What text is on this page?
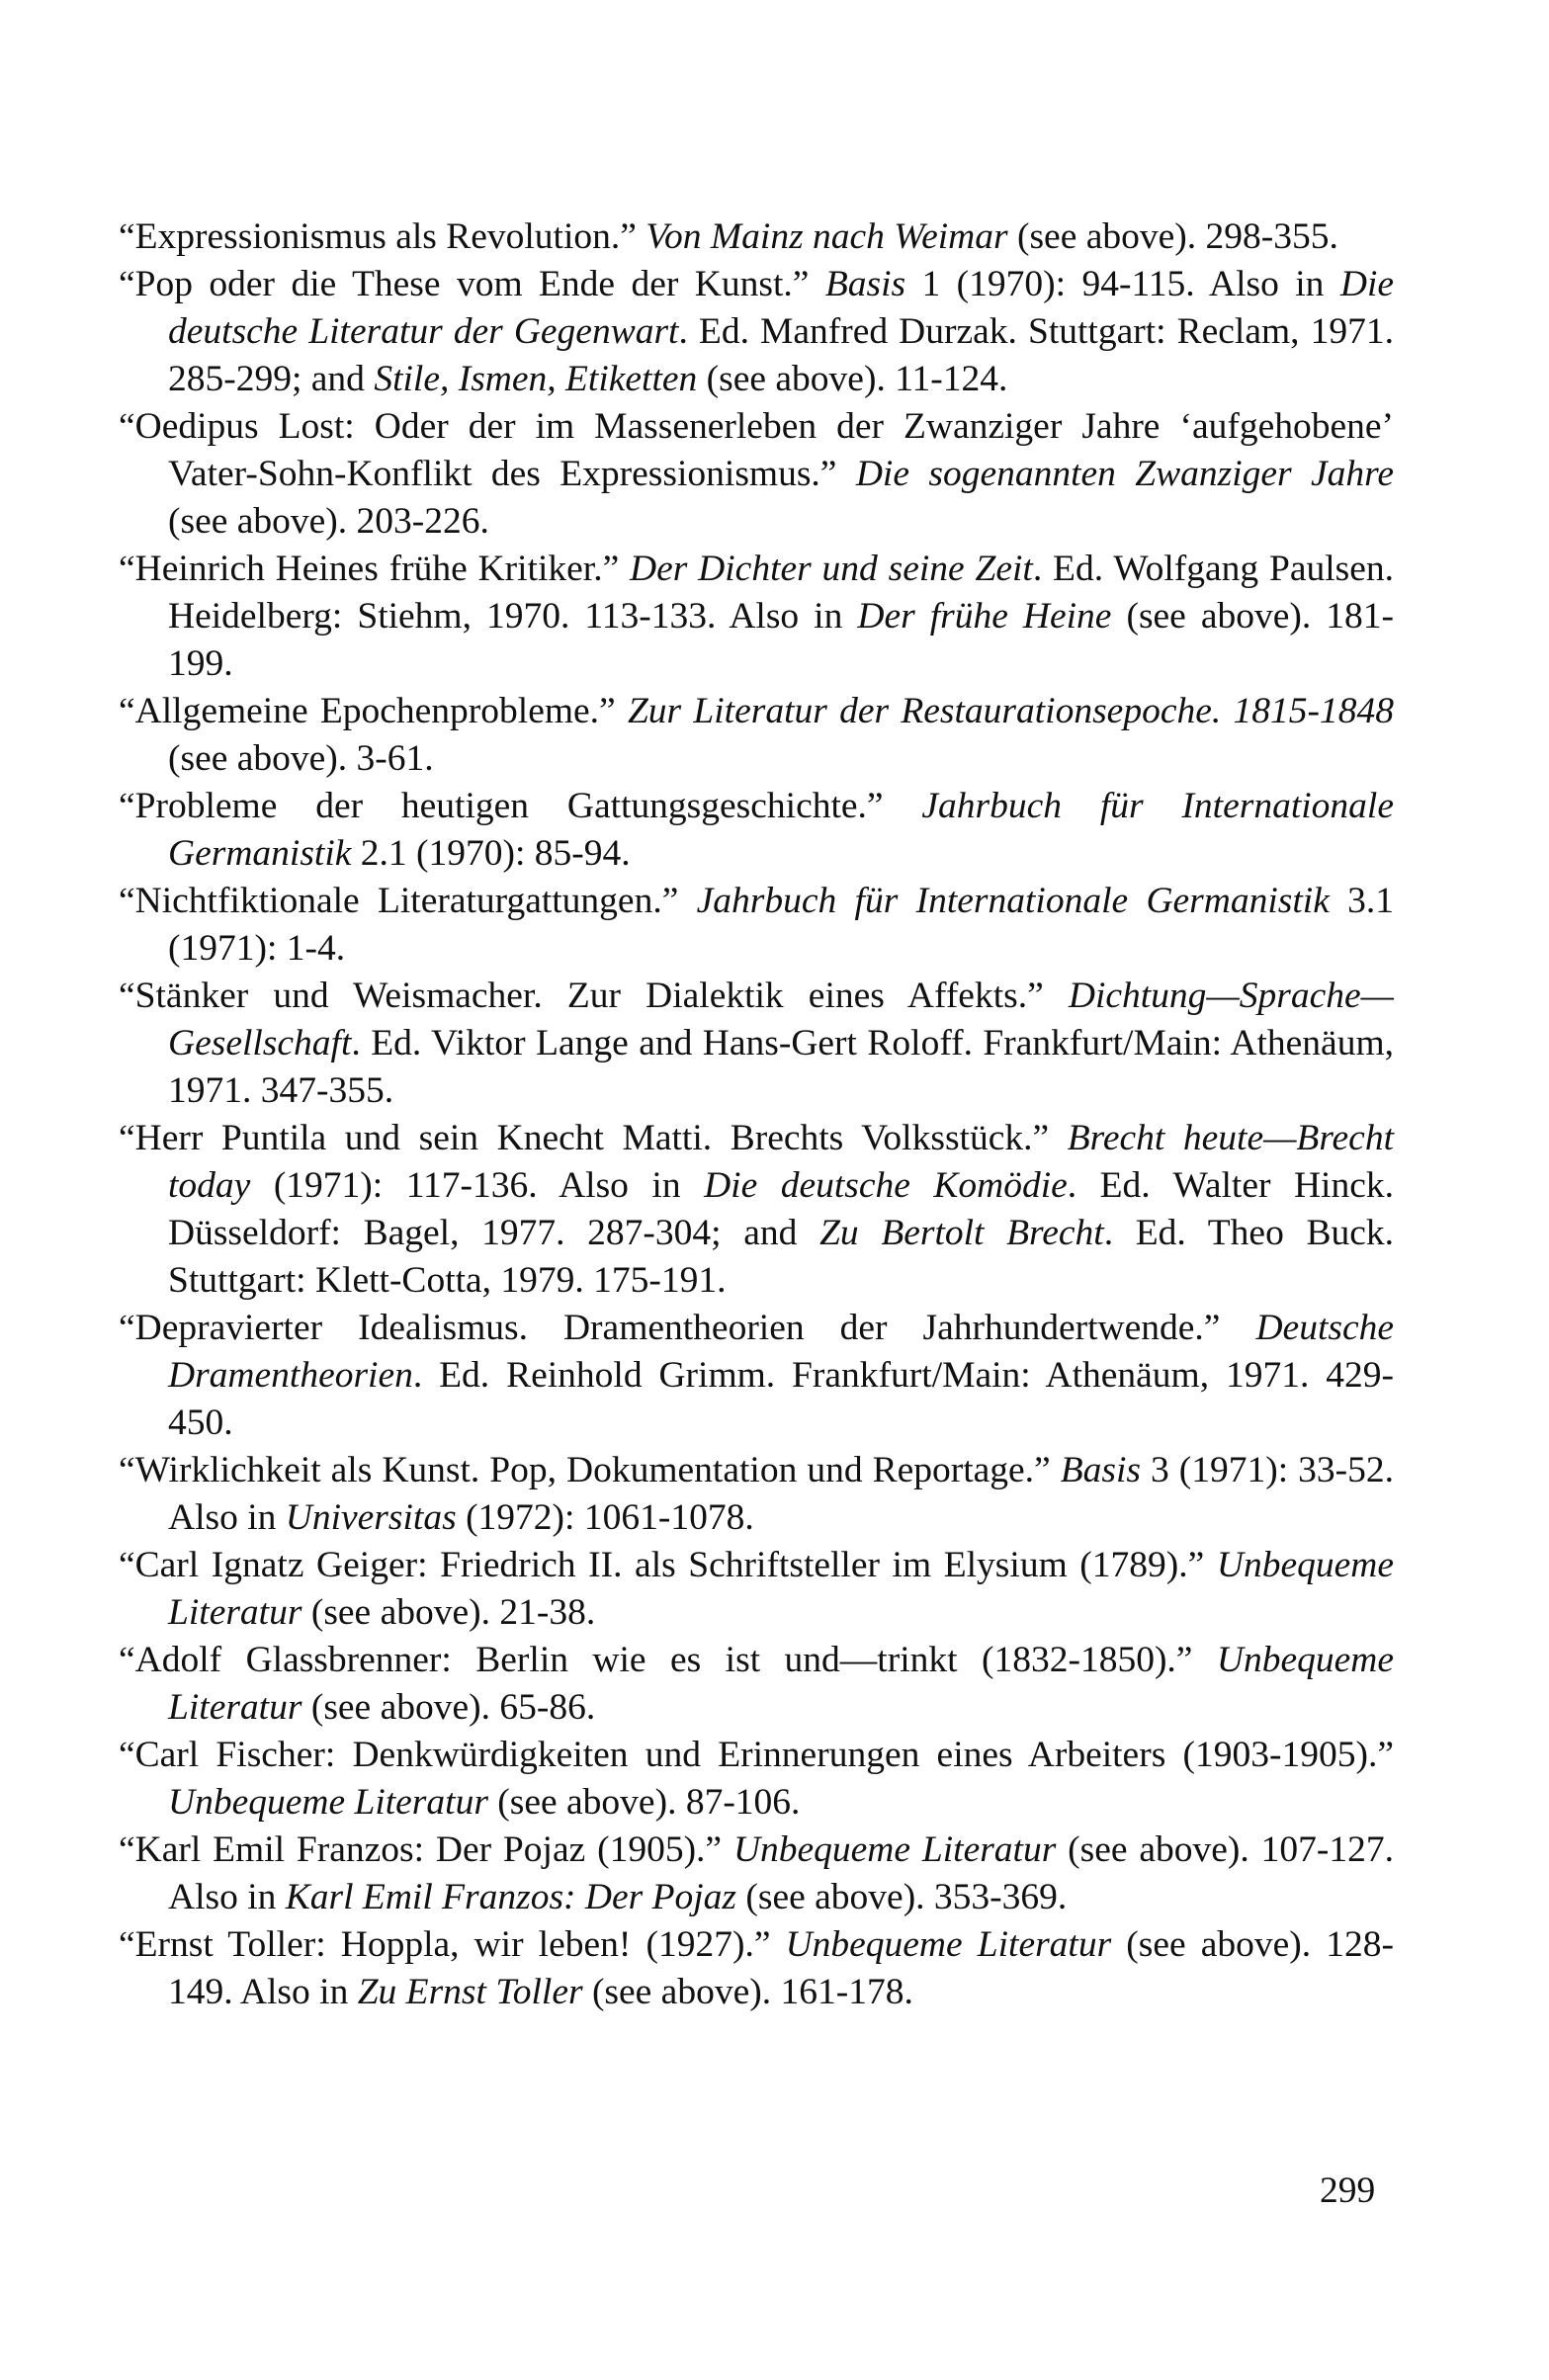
“Expressionismus als Revolution.” Von Mainz nach Weimar (see above). 298-355.
“Pop oder die These vom Ende der Kunst.” Basis 1 (1970): 94-115. Also in Die deutsche Literatur der Gegenwart. Ed. Manfred Durzak. Stuttgart: Reclam, 1971. 285-299; and Stile, Ismen, Etiketten (see above). 11-124.
“Oedipus Lost: Oder der im Massenerleben der Zwanziger Jahre ‘aufgehobene’ Vater-Sohn-Konflikt des Expressionismus.” Die sogenannten Zwanziger Jahre (see above). 203-226.
“Heinrich Heines frühe Kritiker.” Der Dichter und seine Zeit. Ed. Wolfgang Paulsen. Heidelberg: Stiehm, 1970. 113-133. Also in Der frühe Heine (see above). 181-199.
“Allgemeine Epochenprobleme.” Zur Literatur der Restaurationsepoche. 1815-1848 (see above). 3-61.
“Probleme der heutigen Gattungsgeschichte.” Jahrbuch für Internationale Germanistik 2.1 (1970): 85-94.
“Nichtfiktionale Literaturgattungen.” Jahrbuch für Internationale Germanistik 3.1 (1971): 1-4.
“Stänker und Weismacher. Zur Dialektik eines Affekts.” Dichtung—Sprache—Gesellschaft. Ed. Viktor Lange and Hans-Gert Roloff. Frankfurt/Main: Athenäum, 1971. 347-355.
“Herr Puntila und sein Knecht Matti. Brechts Volksstück.” Brecht heute—Brecht today (1971): 117-136. Also in Die deutsche Komödie. Ed. Walter Hinck. Düsseldorf: Bagel, 1977. 287-304; and Zu Bertolt Brecht. Ed. Theo Buck. Stuttgart: Klett-Cotta, 1979. 175-191.
“Depravierter Idealismus. Dramentheorien der Jahrhundertwende.” Deutsche Dramentheorien. Ed. Reinhold Grimm. Frankfurt/Main: Athenäum, 1971. 429-450.
“Wirklichkeit als Kunst. Pop, Dokumentation und Reportage.” Basis 3 (1971): 33-52. Also in Universitas (1972): 1061-1078.
“Carl Ignatz Geiger: Friedrich II. als Schriftsteller im Elysium (1789).” Unbequeme Literatur (see above). 21-38.
“Adolf Glassbrenner: Berlin wie es ist und—trinkt (1832-1850).” Unbequeme Literatur (see above). 65-86.
“Carl Fischer: Denkwürdigkeiten und Erinnerungen eines Arbeiters (1903-1905).” Unbequeme Literatur (see above). 87-106.
“Karl Emil Franzos: Der Pojaz (1905).” Unbequeme Literatur (see above). 107-127. Also in Karl Emil Franzos: Der Pojaz (see above). 353-369.
“Ernst Toller: Hoppla, wir leben! (1927).” Unbequeme Literatur (see above). 128-149. Also in Zu Ernst Toller (see above). 161-178.
299
